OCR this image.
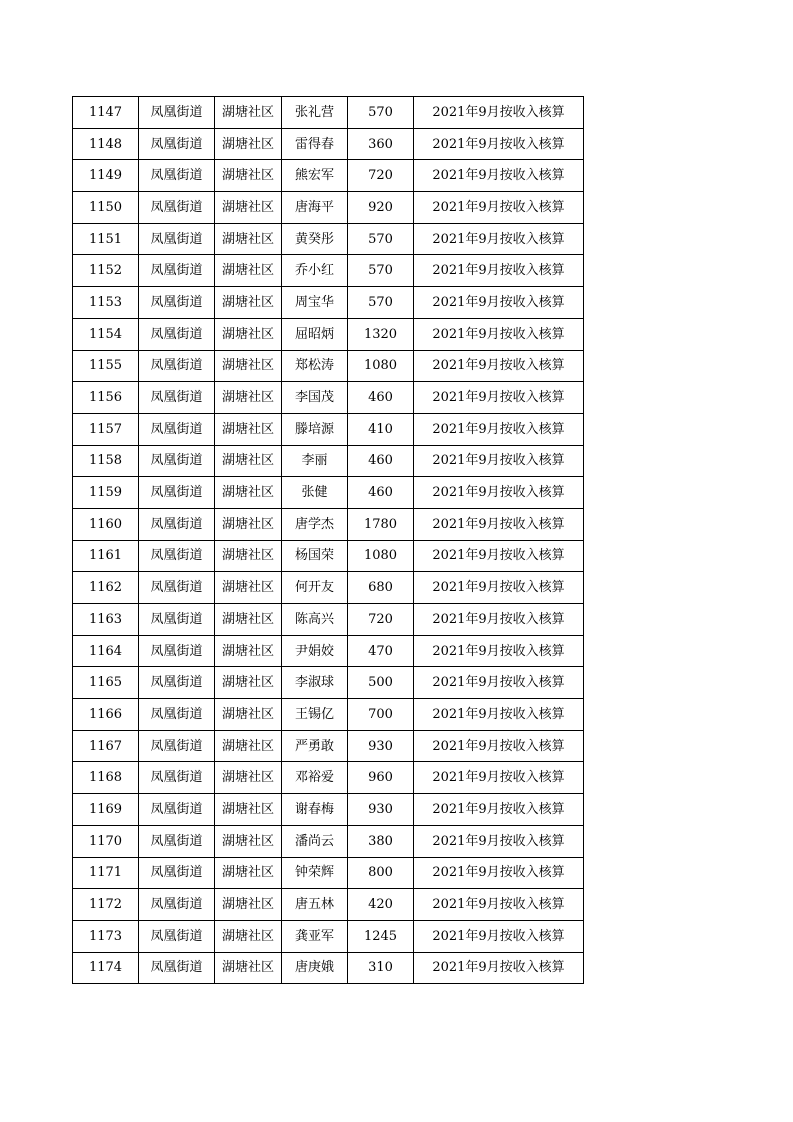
1147	凤凰街道	湖塘社区	张礼营	570	2021年9月按收入核算
1148	凤凰街道	湖塘社区	雷得春	360	2021年9月按收入核算
1149	凤凰街道	湖塘社区	熊宏军	720	2021年9月按收入核算
1150	凤凰街道	湖塘社区	唐海平	920	2021年9月按收入核算
1151	凤凰街道	湖塘社区	黄癸彤	570	2021年9月按收入核算
1152	凤凰街道	湖塘社区	乔小红	570	2021年9月按收入核算
1153	凤凰街道	湖塘社区	周宝华	570	2021年9月按收入核算
1154	凤凰街道	湖塘社区	屈昭炳	1320	2021年9月按收入核算
1155	凤凰街道	湖塘社区	郑松涛	1080	2021年9月按收入核算
1156	凤凰街道	湖塘社区	李国茂	460	2021年9月按收入核算
1157	凤凰街道	湖塘社区	滕培源	410	2021年9月按收入核算
1158	凤凰街道	湖塘社区	李丽	460	2021年9月按收入核算
1159	凤凰街道	湖塘社区	张健	460	2021年9月按收入核算
1160	凤凰街道	湖塘社区	唐学杰	1780	2021年9月按收入核算
1161	凤凰街道	湖塘社区	杨国荣	1080	2021年9月按收入核算
1162	凤凰街道	湖塘社区	何开友	680	2021年9月按收入核算
1163	凤凰街道	湖塘社区	陈高兴	720	2021年9月按收入核算
1164	凤凰街道	湖塘社区	尹娟姣	470	2021年9月按收入核算
1165	凤凰街道	湖塘社区	李淑球	500	2021年9月按收入核算
1166	凤凰街道	湖塘社区	王锡亿	700	2021年9月按收入核算
1167	凤凰街道	湖塘社区	严勇敢	930	2021年9月按收入核算
1168	凤凰街道	湖塘社区	邓裕爱	960	2021年9月按收入核算
1169	凤凰街道	湖塘社区	谢春梅	930	2021年9月按收入核算
1170	凤凰街道	湖塘社区	潘尚云	380	2021年9月按收入核算
1171	凤凰街道	湖塘社区	钟荣辉	800	2021年9月按收入核算
1172	凤凰街道	湖塘社区	唐五林	420	2021年9月按收入核算
1173	凤凰街道	湖塘社区	龚亚军	1245	2021年9月按收入核算
1174	凤凰街道	湖塘社区	唐庚娥	310	2021年9月按收入核算
